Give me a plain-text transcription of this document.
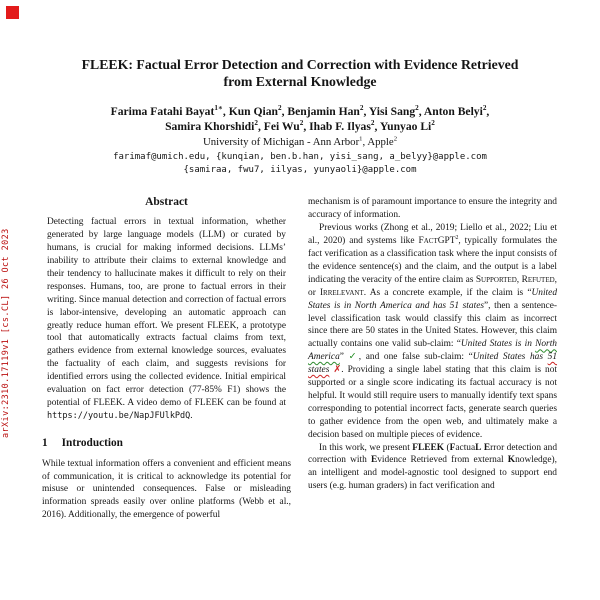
arXiv:2310.17119v1 [cs.CL] 26 Oct 2023
FLEEK: Factual Error Detection and Correction with Evidence Retrieved
from External Knowledge
Farima Fatahi Bayat$^{1∗}$, Kun Qian$^2$, Benjamin Han$^2$, Yisi Sang$^2$, Anton Belyi$^2$,
Samira Khorshidi$^2$, Fei Wu$^2$, Ihab F. Ilyas$^2$, Yunyao Li$^2$
University of Michigan - Ann Arbor$^1$, Apple$^2$
farimaf@umich.edu, {kunqian, ben.b.han, yisi_sang, a_belyy}@apple.com
{samiraa, fwu7, iilyas, yunyaoli}@apple.com
Abstract

Detecting factual errors in textual information, whether generated by large language models (LLM) or curated by humans, is crucial for making informed decisions. LLMs’ inability to attribute their claims to external knowledge and their tendency to hallucinate makes it difficult to rely on their responses. Humans, too, are prone to factual errors in their writing. Since manual detection and correction of factual errors is labor-intensive, developing an automatic approach can greatly reduce human effort. We present FLEEK, a prototype tool that automatically extracts factual claims from text, gathers evidence from external knowledge sources, evaluates the factuality of each claim, and suggests revisions for identified errors using the collected evidence. Initial empirical evaluation on fact error detection (77-85% F1) shows the potential of FLEEK. A video demo of FLEEK can be found at https://youtu.be/NapJFUlkPdQ.

1 Introduction

While textual information offers a convenient and efficient means of communication, it is critical to acknowledge its potential for misuse or unintended consequences. False or misleading information spreads easily over online platforms (Webb et al., 2016). Additionally, the emergence of powerful

mechanism is of paramount importance to ensure the integrity and accuracy of information.

Previous works (Zhong et al., 2019; Liello et al., 2022; Liu et al., 2020) and systems like FactGPT$^2$, typically formulates the fact verification as a classification task where the input consists of the evidence sentence(s) and the claim, and the output is a label indicating the veracity of the entire claim as Supported, Refuted, or Irrelevant. As a concrete example, if the claim is “United States is in North America and has 51 states”, then a sentence-level classification task would classify this claim as incorrect since there are 50 states in the United States. However, this claim actually contains one valid sub-claim: “United States is in North America” ✓, and one false sub-claim: “United States has 51 states ✗. Providing a single label stating that this claim is not supported or a single score indicating its factual accuracy is not helpful. It would still require users to manually identify text spans corresponding to potential incorrect facts, generate search queries to gather evidence from the open web, and ultimately make a decision based on multiple pieces of evidence.

In this work, we present FLEEK (FactuaL Error detection and correction with Evidence Retrieved from external Knowledge), an intelligent and model-agnostic tool designed to support end users (e.g. human graders) in fact verification and
